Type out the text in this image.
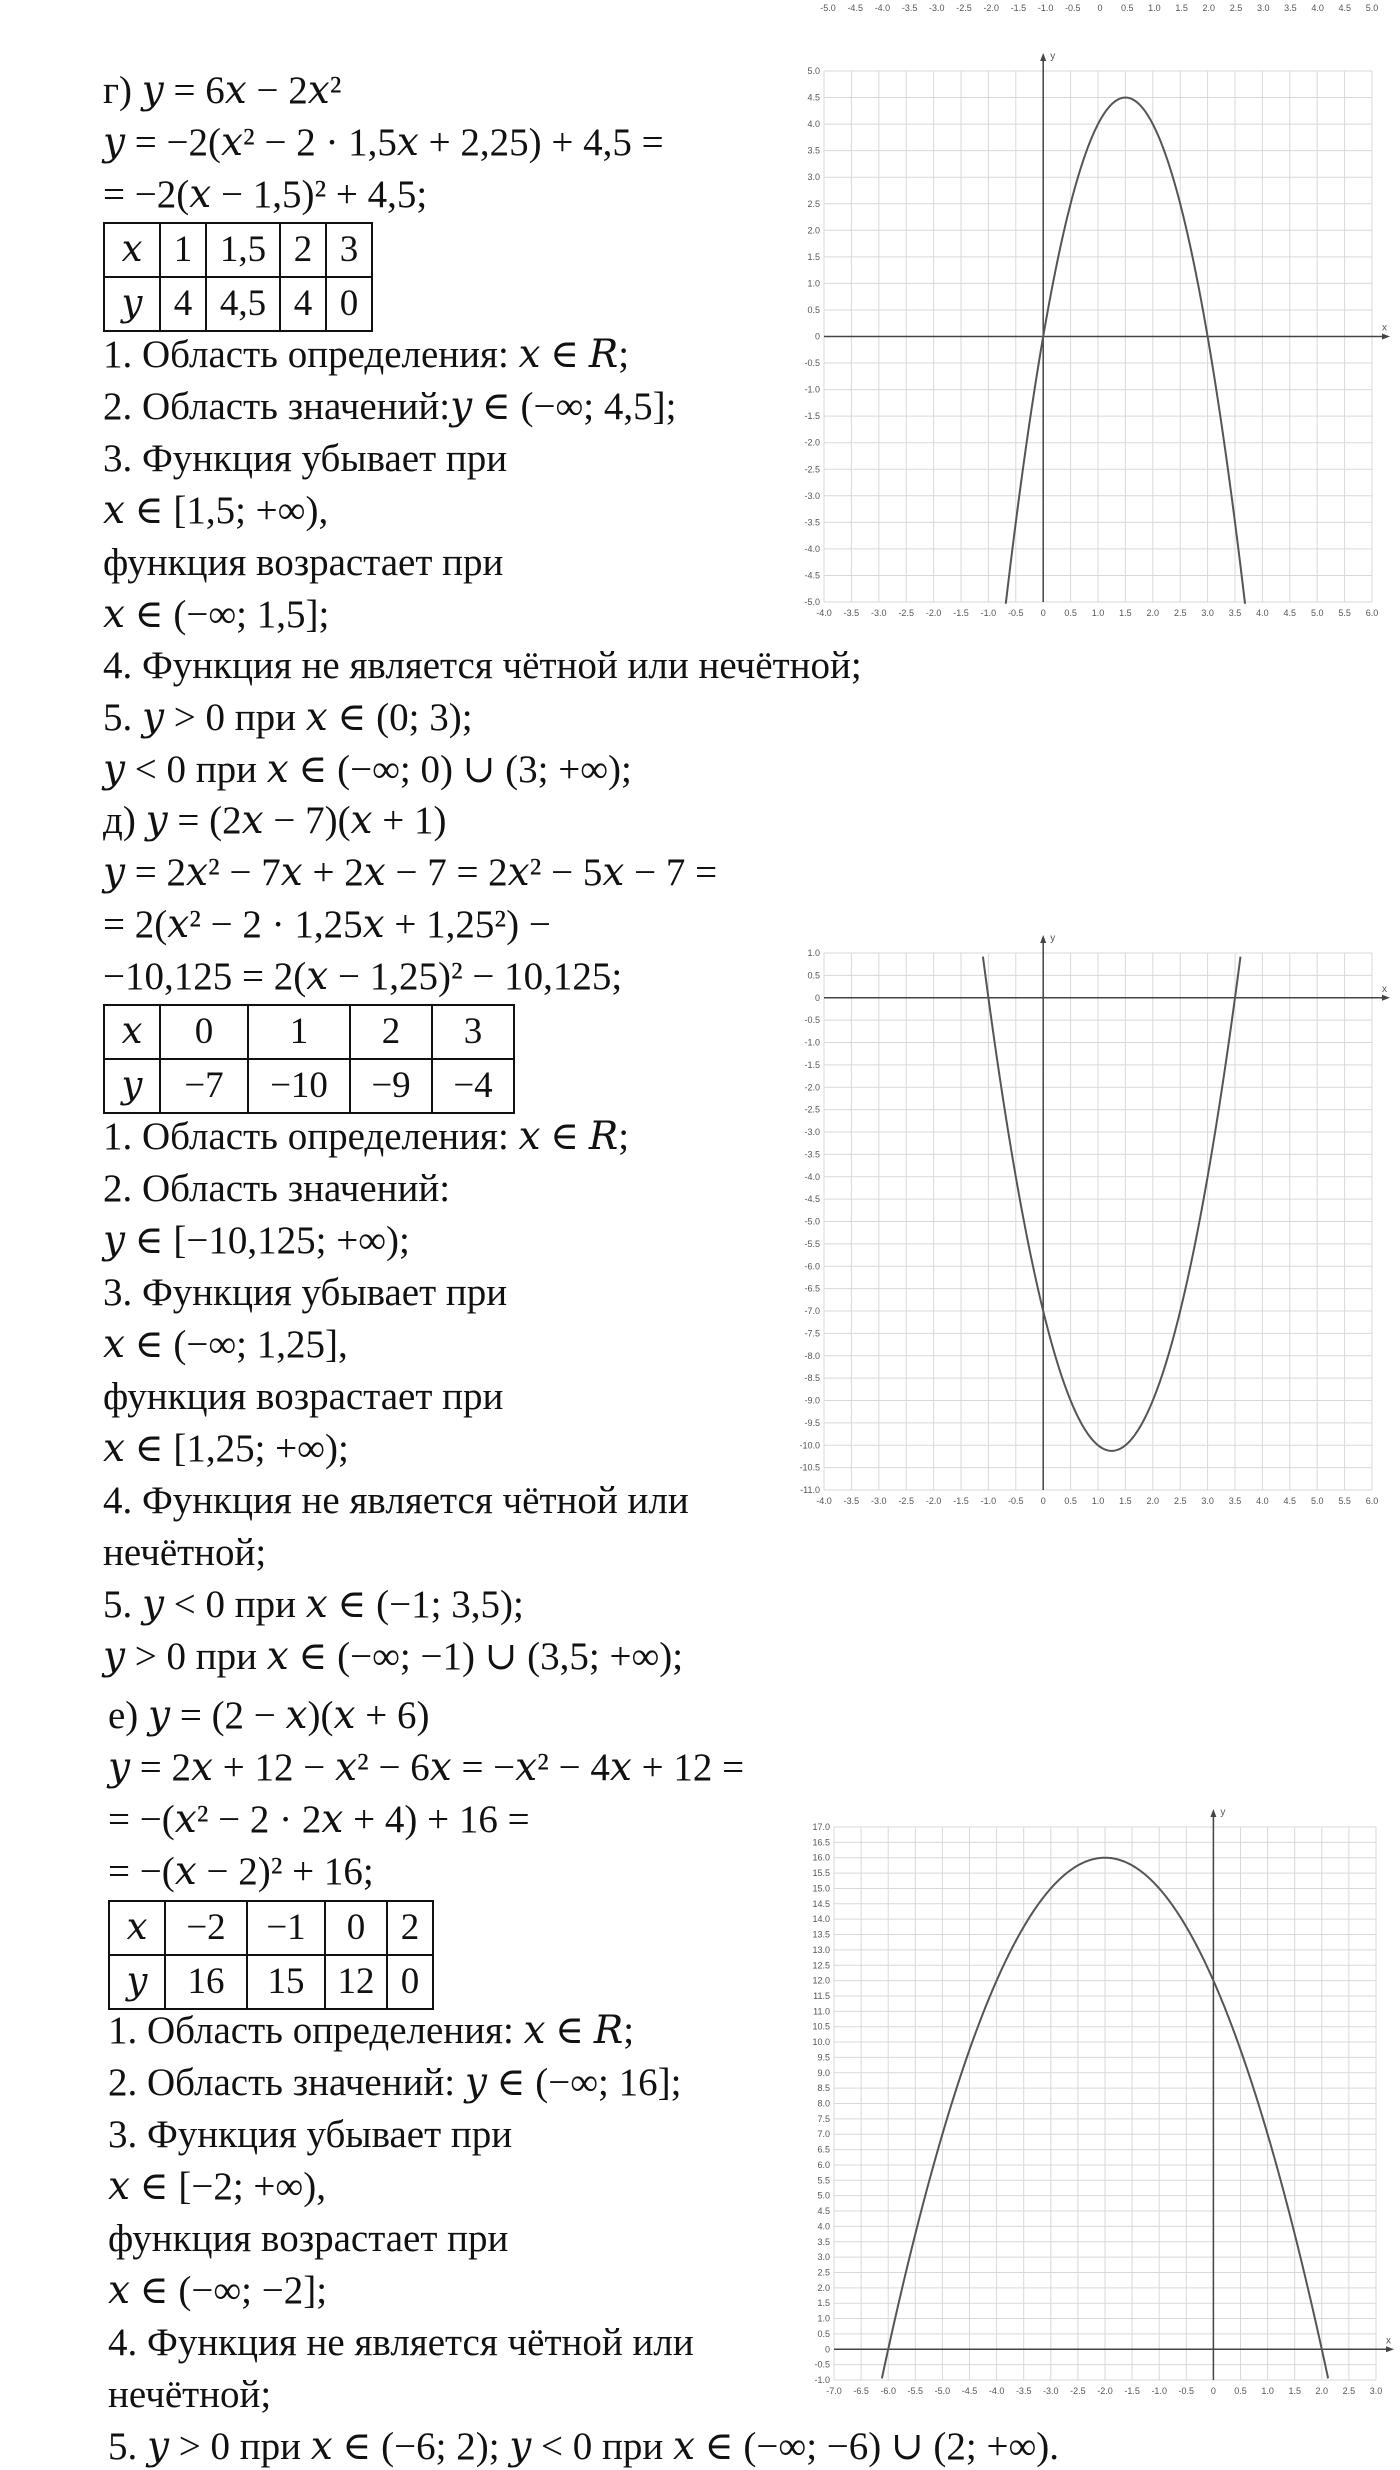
г) 𝑦 = 6𝑥 − 2𝑥²
𝑦 = −2(𝑥² − 2 · 1,5𝑥 + 2,25) + 4,5 =
= −2(𝑥 − 1,5)² + 4,5;
𝑥	1	1,5	2	3
𝑦	4	4,5	4	0
1. Область определения: 𝑥 ∈ 𝑅;
2. Область значений:𝑦 ∈ (−∞; 4,5];
3. Функция убывает при
𝑥 ∈ [1,5; +∞),
функция возрастает при
𝑥 ∈ (−∞; 1,5];
4. Функция не является чётной или нечётной;
5. 𝑦 > 0 при 𝑥 ∈ (0; 3);
𝑦 < 0 при 𝑥 ∈ (−∞; 0) ∪ (3; +∞);
д) 𝑦 = (2𝑥 − 7)(𝑥 + 1)
𝑦 = 2𝑥² − 7𝑥 + 2𝑥 − 7 = 2𝑥² − 5𝑥 − 7 =
= 2(𝑥² − 2 · 1,25𝑥 + 1,25²) −
−10,125 = 2(𝑥 − 1,25)² − 10,125;
𝑥	0	1	2	3
𝑦	−7	−10	−9	−4
1. Область определения: 𝑥 ∈ 𝑅;
2. Область значений:
𝑦 ∈ [−10,125; +∞);
3. Функция убывает при
𝑥 ∈ (−∞; 1,25],
функция возрастает при
𝑥 ∈ [1,25; +∞);
4. Функция не является чётной или
нечётной;
5. 𝑦 < 0 при 𝑥 ∈ (−1; 3,5);
𝑦 > 0 при 𝑥 ∈ (−∞; −1) ∪ (3,5; +∞);
е) 𝑦 = (2 − 𝑥)(𝑥 + 6)
𝑦 = 2𝑥 + 12 − 𝑥² − 6𝑥 = −𝑥² − 4𝑥 + 12 =
= −(𝑥² − 2 · 2𝑥 + 4) + 16 =
= −(𝑥 − 2)² + 16;
𝑥	−2	−1	0	2
𝑦	16	15	12	0
1. Область определения: 𝑥 ∈ 𝑅;
2. Область значений: 𝑦 ∈ (−∞; 16];
3. Функция убывает при
𝑥 ∈ [−2; +∞),
функция возрастает при
𝑥 ∈ (−∞; −2];
4. Функция не является чётной или
нечётной;
5. 𝑦 > 0 при 𝑥 ∈ (−6; 2); 𝑦 < 0 при 𝑥 ∈ (−∞; −6) ∪ (2; +∞).
-5.0 -4.5 -4.0 -3.5 -3.0 -2.5 -2.0 -1.5 -1.0 -0.5 0 0.5 1.0 1.5 2.0 2.5 3.0 3.5 4.0 4.5 5.0
x
y
-4.0 -3.5 -3.0 -2.5 -2.0 -1.5 -1.0 -0.5 0 0.5 1.0 1.5 2.0 2.5 3.0 3.5 4.0 4.5 5.0 5.5 6.0
-5.0
-4.5
-4.0
-3.5
-3.0
-2.5
-2.0
-1.5
-1.0
-0.5
0
0.5
1.0
1.5
2.0
2.5
3.0
3.5
4.0
4.5
5.0
x
y
-4.0 -3.5 -3.0 -2.5 -2.0 -1.5 -1.0 -0.5 0 0.5 1.0 1.5 2.0 2.5 3.0 3.5 4.0 4.5 5.0 5.5 6.0
-11.0
-10.5
-10.0
-9.5
-9.0
-8.5
-8.0
-7.5
-7.0
-6.5
-6.0
-5.5
-5.0
-4.5
-4.0
-3.5
-3.0
-2.5
-2.0
-1.5
-1.0
-0.5
0
0.5
1.0
x
y
-7.0 -6.5 -6.0 -5.5 -5.0 -4.5 -4.0 -3.5 -3.0 -2.5 -2.0 -1.5 -1.0 -0.5 0 0.5 1.0 1.5 2.0 2.5 3.0
-1.0
-0.5
0
0.5
1.0
1.5
2.0
2.5
3.0
3.5
4.0
4.5
5.0
5.5
6.0
6.5
7.0
7.5
8.0
8.5
9.0
9.5
10.0
10.5
11.0
11.5
12.0
12.5
13.0
13.5
14.0
14.5
15.0
15.5
16.0
16.5
17.0
